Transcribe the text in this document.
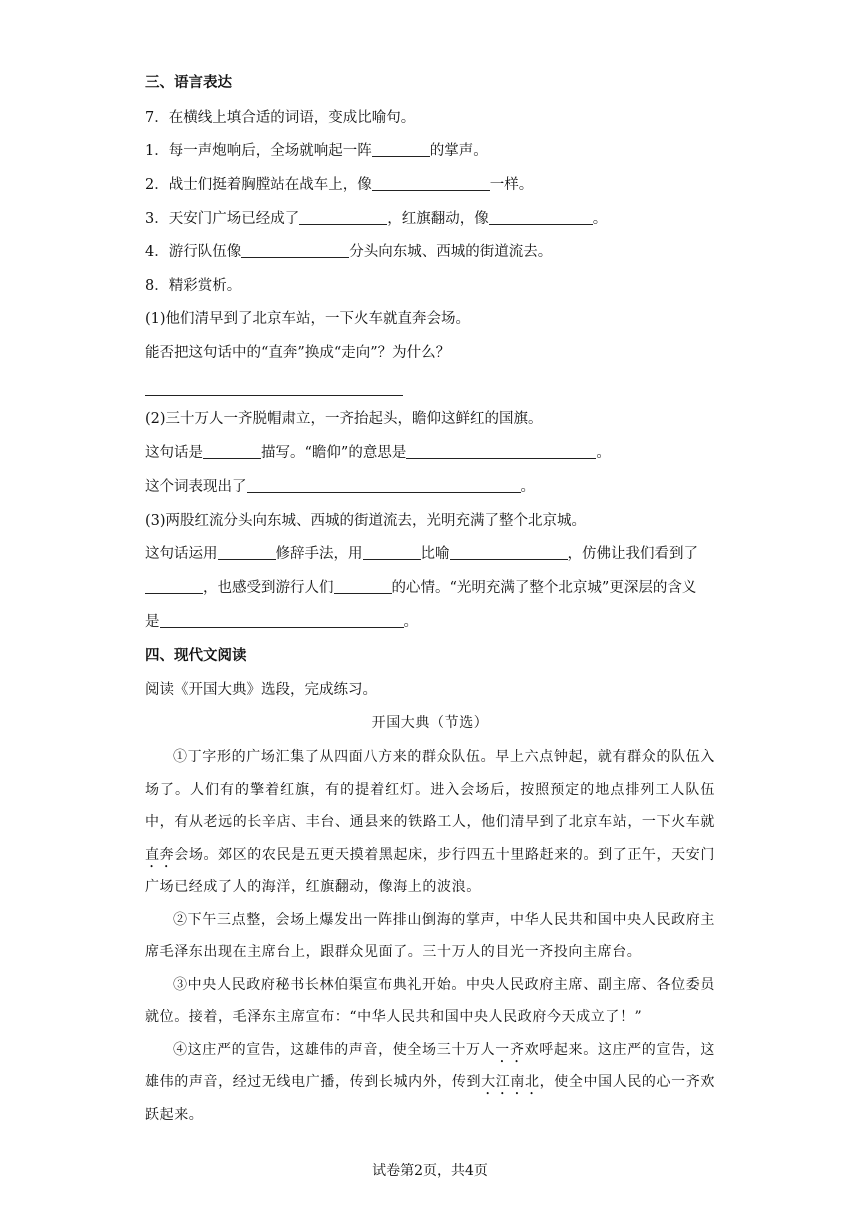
三、语言表达
7．在横线上填合适的词语，变成比喻句。
1．每一声炮响后，全场就响起一阵	的掌声。
2．战士们挺着胸膛站在战车上，像	一样。
3．天安门广场已经成了	，红旗翻动，像	。
4．游行队伍像	分头向东城、西城的街道流去。
8．精彩赏析。
(1)他们清早到了北京车站，一下火车就直奔会场。
能否把这句话中的“直奔”换成“走向”？为什么？
(2)三十万人一齐脱帽肃立，一齐抬起头，瞻仰这鲜红的国旗。
这句话是	描写。“瞻仰”的意思是	。
这个词表现出了	。
(3)两股红流分头向东城、西城的街道流去，光明充满了整个北京城。
这句话运用	修辞手法，用	比喻	，仿佛让我们看到了
，也感受到游行人们	的心情。“光明充满了整个北京城”更深层的含义
是	。
四、现代文阅读
阅读《开国大典》选段，完成练习。
开国大典（节选）

①丁字形的广场汇集了从四面八方来的群众队伍。早上六点钟起，就有群众的队伍入场了。人们有的擎着红旗，有的提着红灯。进入会场后，按照预定的地点排列工人队伍中，有从老远的长辛店、丰台、通县来的铁路工人，他们清早到了北京车站，一下火车就直奔会场。郊区的农民是五更天摸着黑起床，步行四五十里路赶来的。到了正午，天安门广场已经成了人的海洋，红旗翻动，像海上的波浪。

②下午三点整，会场上爆发出一阵排山倒海的掌声，中华人民共和国中央人民政府主席毛泽东出现在主席台上，跟群众见面了。三十万人的目光一齐投向主席台。

③中央人民政府秘书长林伯渠宣布典礼开始。中央人民政府主席、副主席、各位委员就位。接着，毛泽东主席宣布：“中华人民共和国中央人民政府今天成立了！”

④这庄严的宣告，这雄伟的声音，使全场三十万人一齐欢呼起来。这庄严的宣告，这雄伟的声音，经过无线电广播，传到长城内外，传到大江南北，使全中国人民的心一齐欢跃起来。

试卷第2页，共4页
